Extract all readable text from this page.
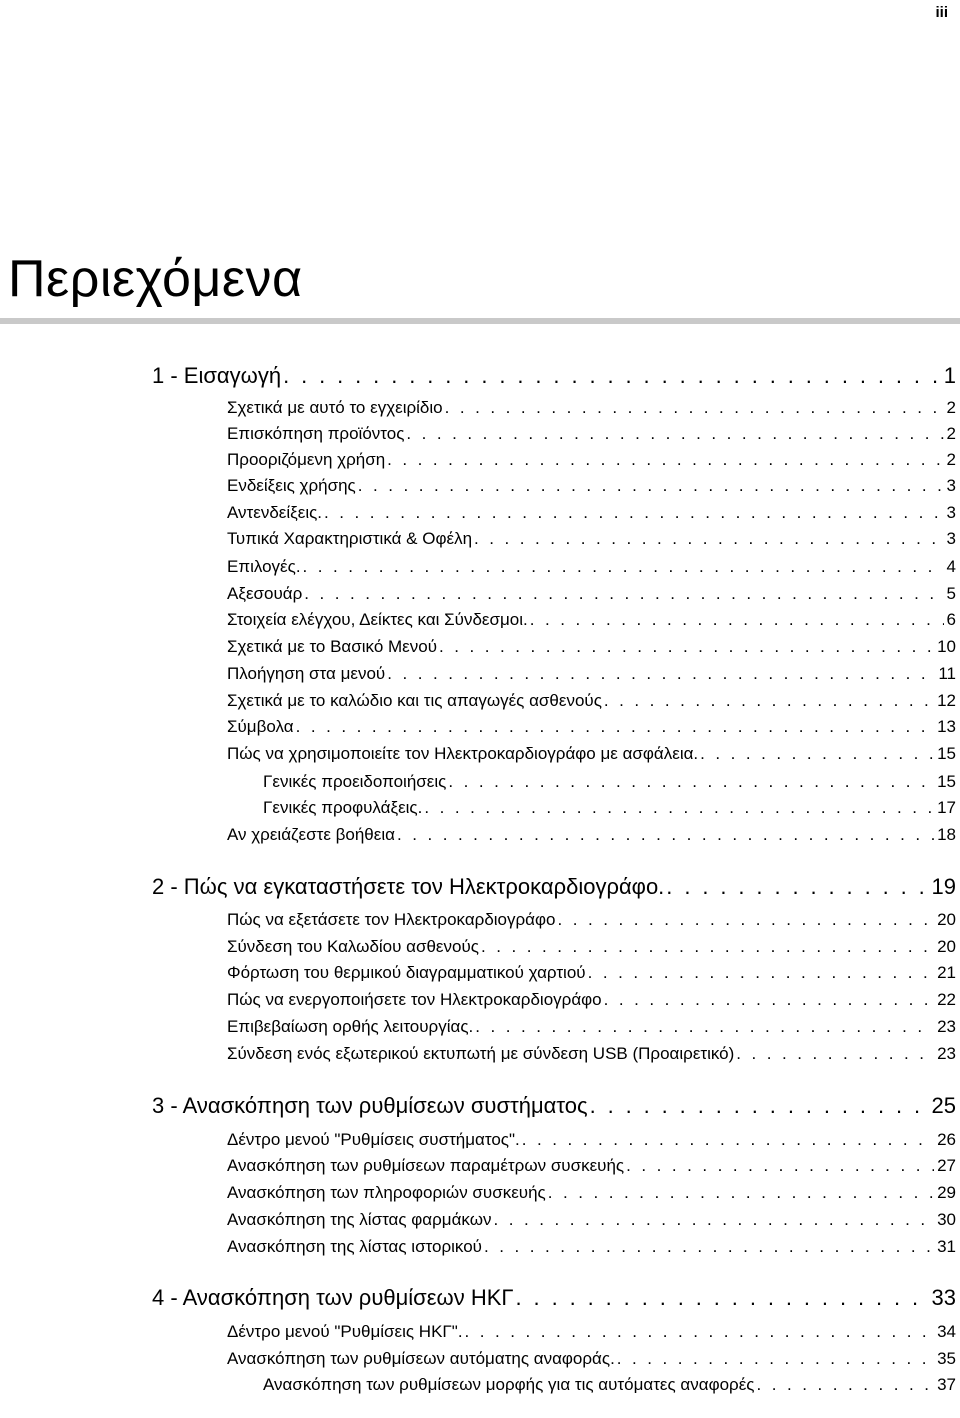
iii
Περιεχόμενα
1 - Εισαγωγή . . .	1
Σχετικά με αυτό το εγχειρίδιο . . .	2
Επισκόπηση προϊόντος . . .	2
Προοριζόμενη χρήση . . .	2
Ενδείξεις χρήσης . . .	3
Αντενδείξεις. . . .	3
Τυπικά Χαρακτηριστικά & Οφέλη . . .	3
Επιλογές. . . .	4
Αξεσουάρ . . .	5
Στοιχεία ελέγχου, Δείκτες και Σύνδεσμοι. . . .	6
Σχετικά με το Βασικό Μενού . . .	10
Πλοήγηση στα μενού . . .	11
Σχετικά με το καλώδιο και τις απαγωγές ασθενούς . . .	12
Σύμβολα . . .	13
Πώς να χρησιμοποιείτε τον Ηλεκτροκαρδιογράφο με ασφάλεια. . . .	15
Γενικές προειδοποιήσεις . . .	15
Γενικές προφυλάξεις. . . .	17
Αν χρειάζεστε βοήθεια . . .	18
2 - Πώς να εγκαταστήσετε τον Ηλεκτροκαρδιογράφο. . . .	19
Πώς να εξετάσετε τον Ηλεκτροκαρδιογράφο . . .	20
Σύνδεση του Καλωδίου ασθενούς . . .	20
Φόρτωση του θερμικού διαγραμματικού χαρτιού . . .	21
Πώς να ενεργοποιήσετε τον Ηλεκτροκαρδιογράφο . . .	22
Επιβεβαίωση ορθής λειτουργίας. . . .	23
Σύνδεση ενός εξωτερικού εκτυπωτή με σύνδεση USB (Προαιρετικό) . . .	23
3 - Ανασκόπηση των ρυθμίσεων συστήματος . . .	25
Δέντρο μενού "Ρυθμίσεις συστήματος". . . .	26
Ανασκόπηση των ρυθμίσεων παραμέτρων συσκευής . . .	27
Ανασκόπηση των πληροφοριών συσκευής . . .	29
Ανασκόπηση της λίστας φαρμάκων . . .	30
Ανασκόπηση της λίστας ιστορικού . . .	31
4 - Ανασκόπηση των ρυθμίσεων ΗΚΓ . . .	33
Δέντρο μενού "Ρυθμίσεις ΗΚΓ". . . .	34
Ανασκόπηση των ρυθμίσεων αυτόματης αναφοράς. . . .	35
Ανασκόπηση των ρυθμίσεων μορφής για τις αυτόματες αναφορές . . .	37
